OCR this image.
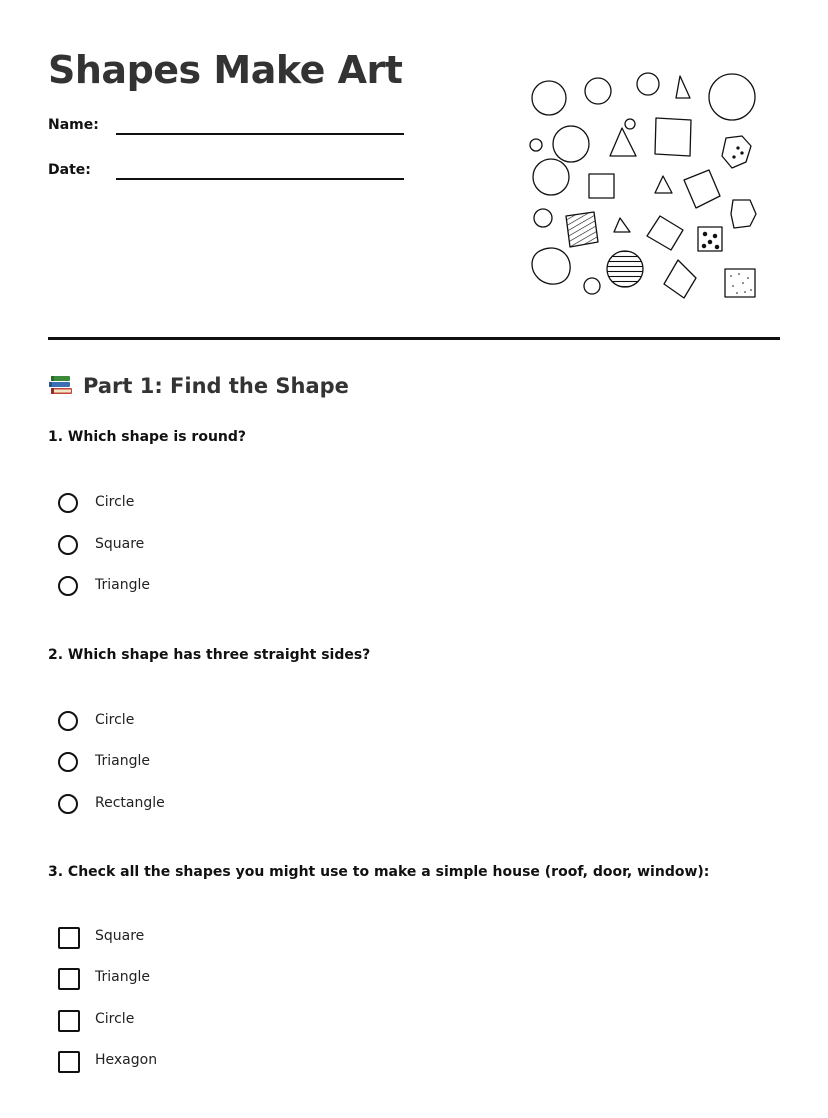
Shapes Make Art
Name:
Date:
Part 1: Find the Shape
1. Which shape is round?
Circle
Square
Triangle
2. Which shape has three straight sides?
Circle
Triangle
Rectangle
3. Check all the shapes you might use to make a simple house (roof, door, window):
Square
Triangle
Circle
Hexagon
